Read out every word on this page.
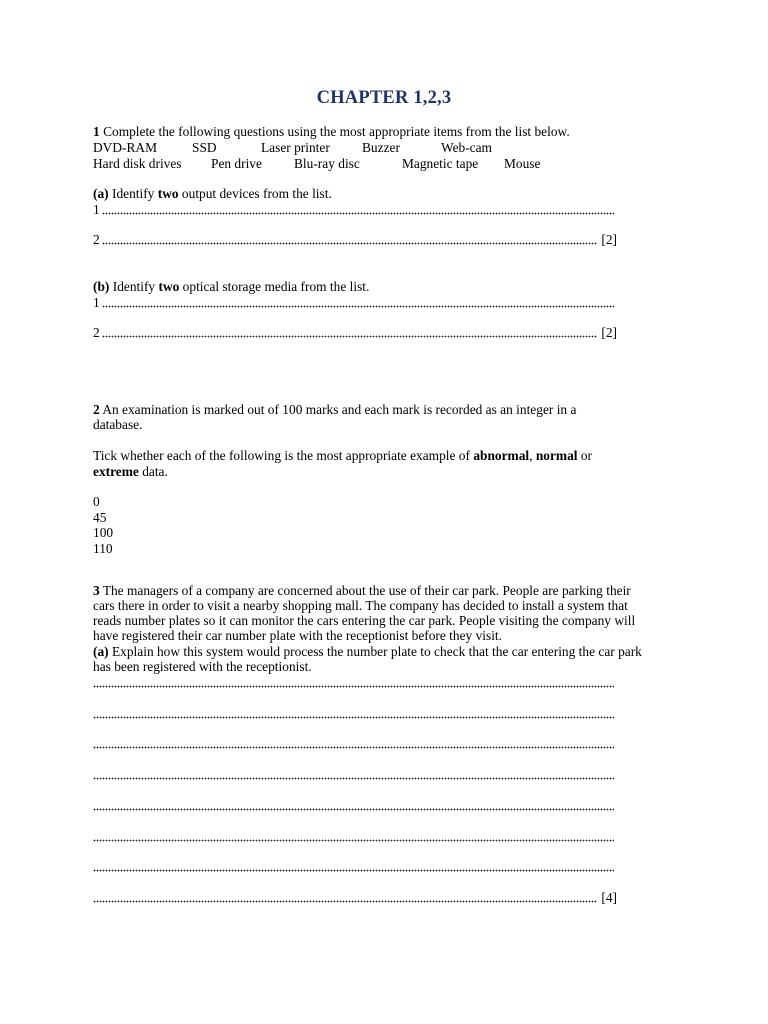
CHAPTER 1,2,3
1 Complete the following questions using the most appropriate items from the list below.
DVD-RAM	SSD	Laser printer Buzzer	Web-cam
Hard disk drives Pen drive Blu-ray disc	Magnetic tape Mouse
(a) Identify two output devices from the list.
1
2	[2]
(b) Identify two optical storage media from the list.
1
2	[2]
2 An examination is marked out of 100 marks and each mark is recorded as an integer in a
database.
Tick whether each of the following is the most appropriate example of abnormal, normal or
extreme data.
0
45
100
110
3 The managers of a company are concerned about the use of their car park. People are parking their
cars there in order to visit a nearby shopping mall. The company has decided to install a system that
reads number plates so it can monitor the cars entering the car park. People visiting the company will
have registered their car number plate with the receptionist before they visit.
(a) Explain how this system would process the number plate to check that the car entering the car park
has been registered with the receptionist.
[4]
